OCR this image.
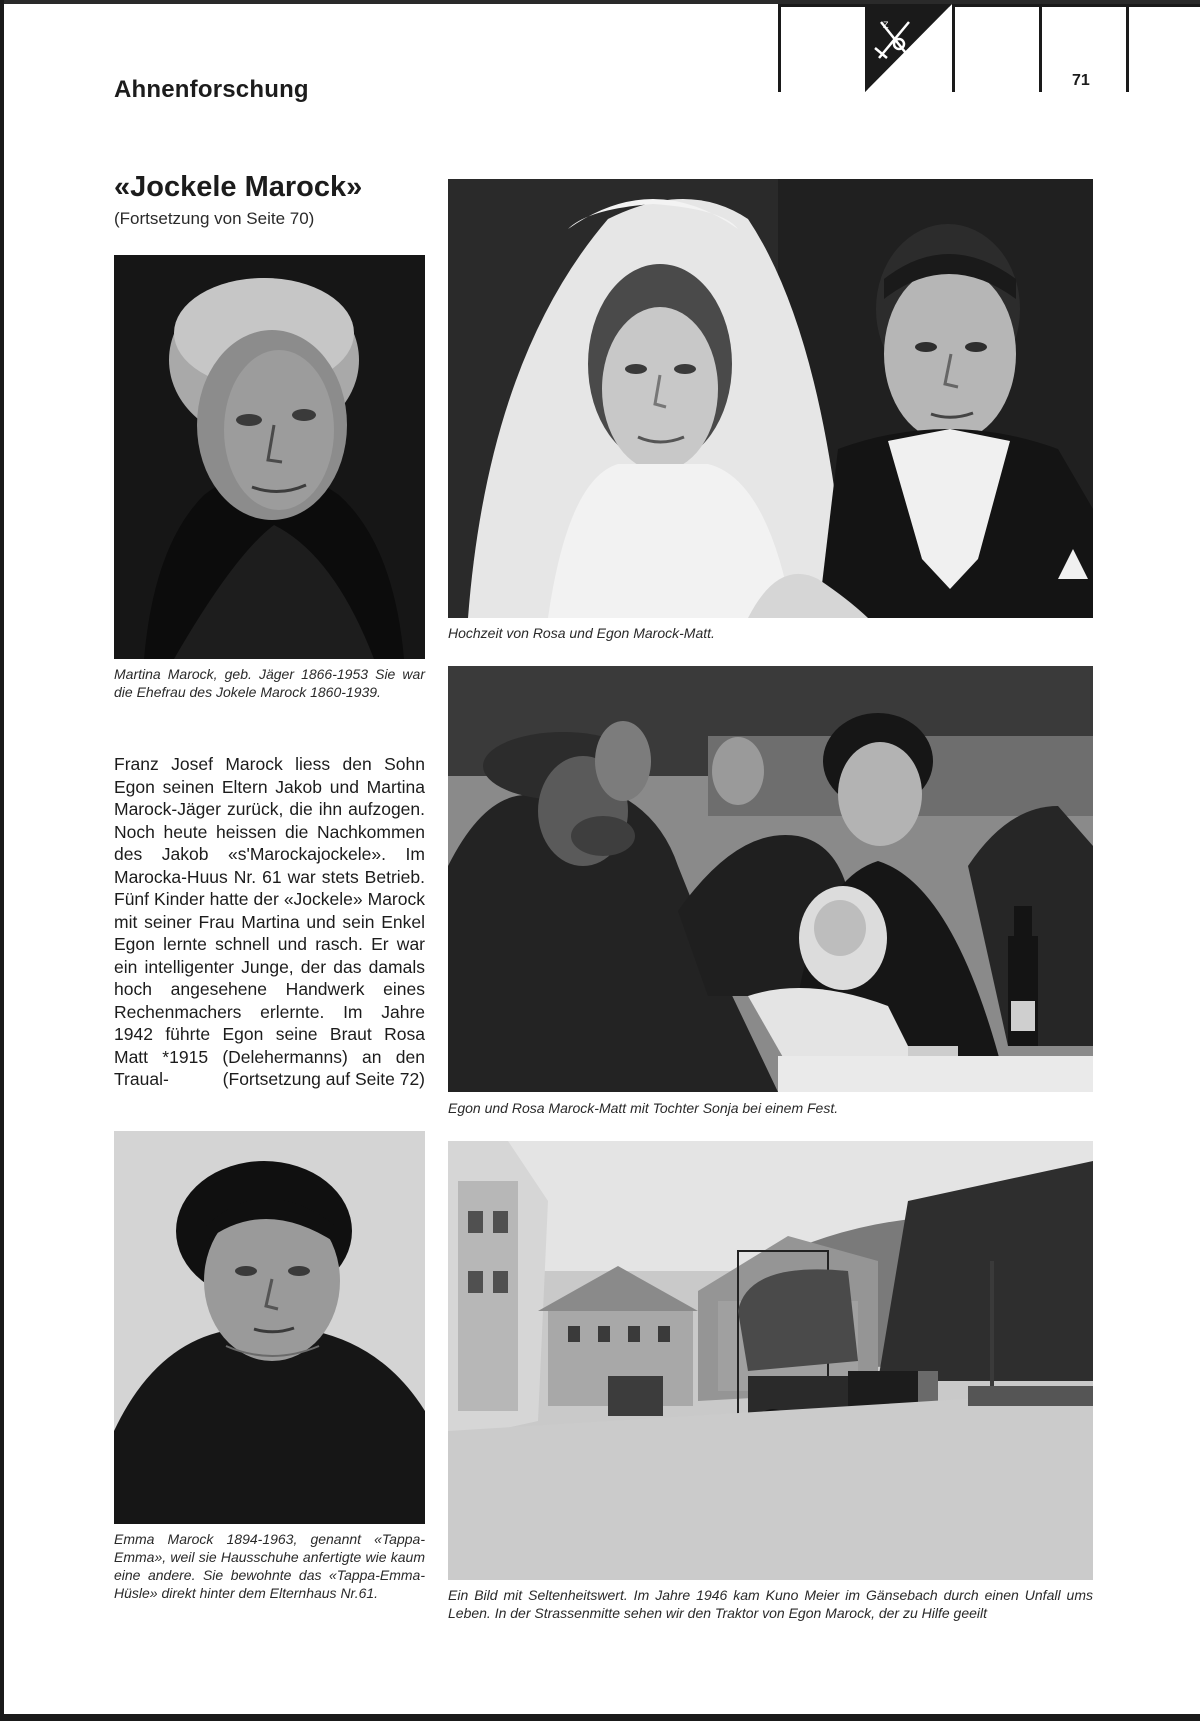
Ahnenforschung
Z
71
«Jockele Marock»
(Fortsetzung von Seite 70)

Martina Marock, geb. Jäger 1866-1953 Sie war die Ehefrau des Jokele Marock 1860-1939.

Franz Josef Marock liess den Sohn Egon seinen Eltern Jakob und Martina Marock-Jäger zurück, die ihn aufzogen. Noch heute heissen die Nachkommen des Jakob «s'Marockajockele». Im Marocka-Huus Nr. 61 war stets Betrieb. Fünf Kinder hatte der «Jockele» Marock mit seiner Frau Martina und sein Enkel Egon lernte schnell und rasch. Er war ein intelligenter Junge, der das damals hoch angesehene Handwerk eines Rechenmachers erlernte. Im Jahre 1942 führte Egon seine Braut Rosa Matt *1915 (Delehermanns) an den Traual-	(Fortsetzung auf Seite 72)

Emma Marock 1894-1963, genannt «Tappa-Emma», weil sie Hausschuhe anfertigte wie kaum eine andere. Sie bewohnte das «Tappa-Emma-Hüsle» direkt hinter dem Elternhaus Nr.61.

Hochzeit von Rosa und Egon Marock-Matt.

Egon und Rosa Marock-Matt mit Tochter Sonja bei einem Fest.

Ein Bild mit Seltenheitswert. Im Jahre 1946 kam Kuno Meier im Gänsebach durch einen Unfall ums Leben. In der Strassenmitte sehen wir den Traktor von Egon Marock, der zu Hilfe geeilt
